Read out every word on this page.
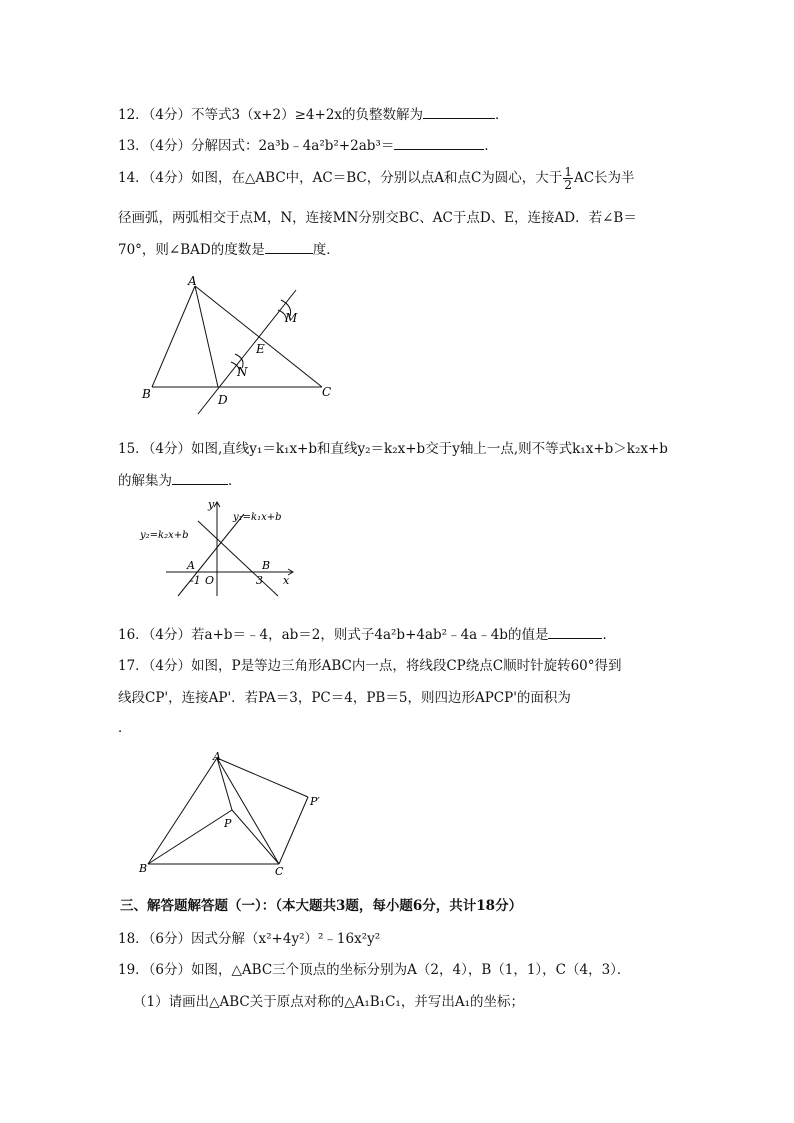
12．（4分）不等式3（x+2）≥4+2x的负整数解为	．
13．（4分）分解因式：2a³b﹣4a²b²+2ab³＝	．
14．（4分）如图，在△ABC中，AC＝BC，分别以点A和点C为圆心，大于 $\frac{1}{2}$ AC长为半
径画弧，两弧相交于点M，N，连接MN分别交BC、AC于点D、E，连接AD．若∠B＝
70°，则∠BAD的度数是	度．
A
B	C
D
E
M
N
15．（4分）如图,直线y₁＝k₁x+b和直线y₂＝k₂x+b交于y轴上一点,则不等式k₁x+b＞k₂x+b
的解集为	．
y
x
y₁=k₁x+b
y₂=k₂x+b
A	B
-1 O	3
16．（4分）若a+b＝﹣4，ab＝2，则式子4a²b+4ab²﹣4a﹣4b的值是	．
17．（4分）如图，P是等边三角形ABC内一点，将线段CP绕点C顺时针旋转60°得到
线段CP'，连接AP'．若PA＝3，PC＝4，PB＝5，则四边形APCP'的面积为
．
A
B	C
P
P′
三、解答题解答题（一）：（本大题共3题，每小题6分，共计18分）
18．（6分）因式分解（x²+4y²）²﹣16x²y²
19．（6分）如图，△ABC三个顶点的坐标分别为A（2，4），B（1，1），C（4，3）．
（1）请画出△ABC关于原点对称的△A₁B₁C₁，并写出A₁的坐标；
